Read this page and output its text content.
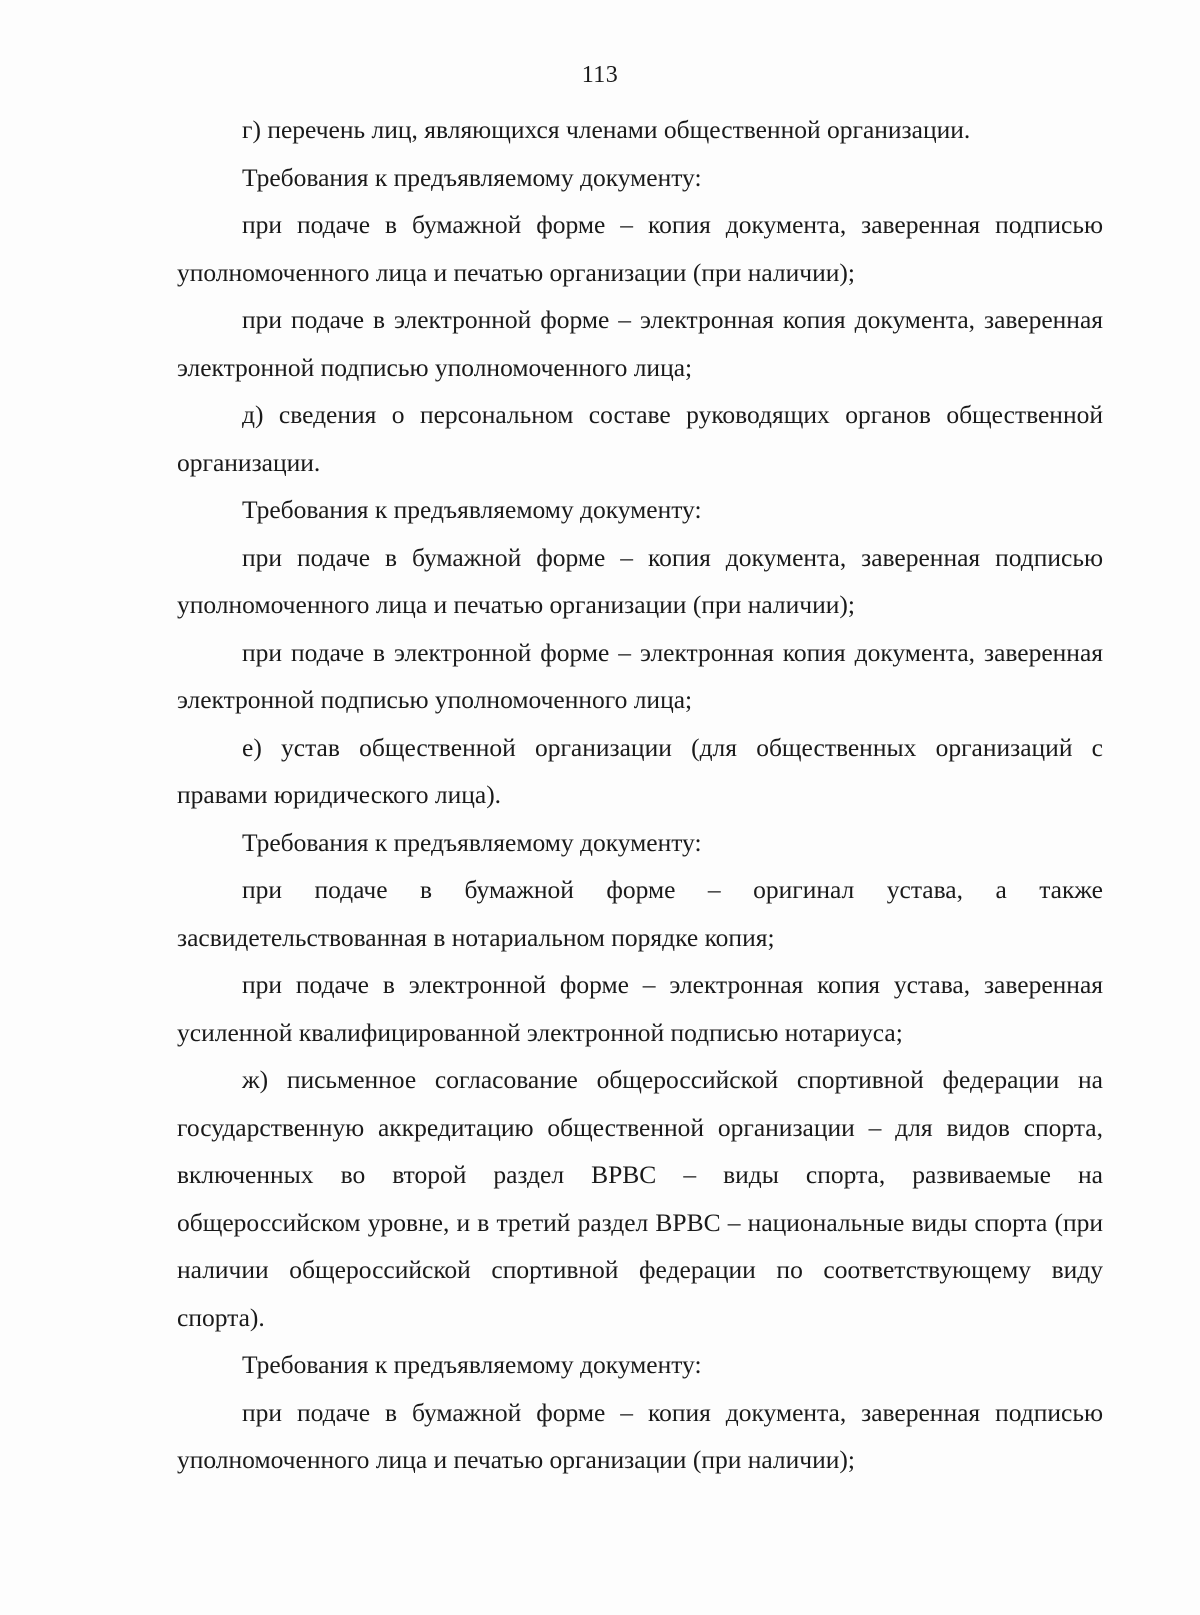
113

г) перечень лиц, являющихся членами общественной организации.

Требования к предъявляемому документу:

при подаче в бумажной форме – копия документа, заверенная подписью уполномоченного лица и печатью организации (при наличии);

при подаче в электронной форме – электронная копия документа, заверенная электронной подписью уполномоченного лица;

д) сведения о персональном составе руководящих органов общественной организации.

Требования к предъявляемому документу:

при подаче в бумажной форме – копия документа, заверенная подписью уполномоченного лица и печатью организации (при наличии);

при подаче в электронной форме – электронная копия документа, заверенная электронной подписью уполномоченного лица;

е) устав общественной организации (для общественных организаций с правами юридического лица).

Требования к предъявляемому документу:

при подаче в бумажной форме – оригинал устава, а также засвидетельствованная в нотариальном порядке копия;

при подаче в электронной форме – электронная копия устава, заверенная усиленной квалифицированной электронной подписью нотариуса;

ж) письменное согласование общероссийской спортивной федерации на государственную аккредитацию общественной организации – для видов спорта, включенных во второй раздел ВРВС – виды спорта, развиваемые на общероссийском уровне, и в третий раздел ВРВС – национальные виды спорта (при наличии общероссийской спортивной федерации по соответствующему виду спорта).

Требования к предъявляемому документу:

при подаче в бумажной форме – копия документа, заверенная подписью уполномоченного лица и печатью организации (при наличии);
